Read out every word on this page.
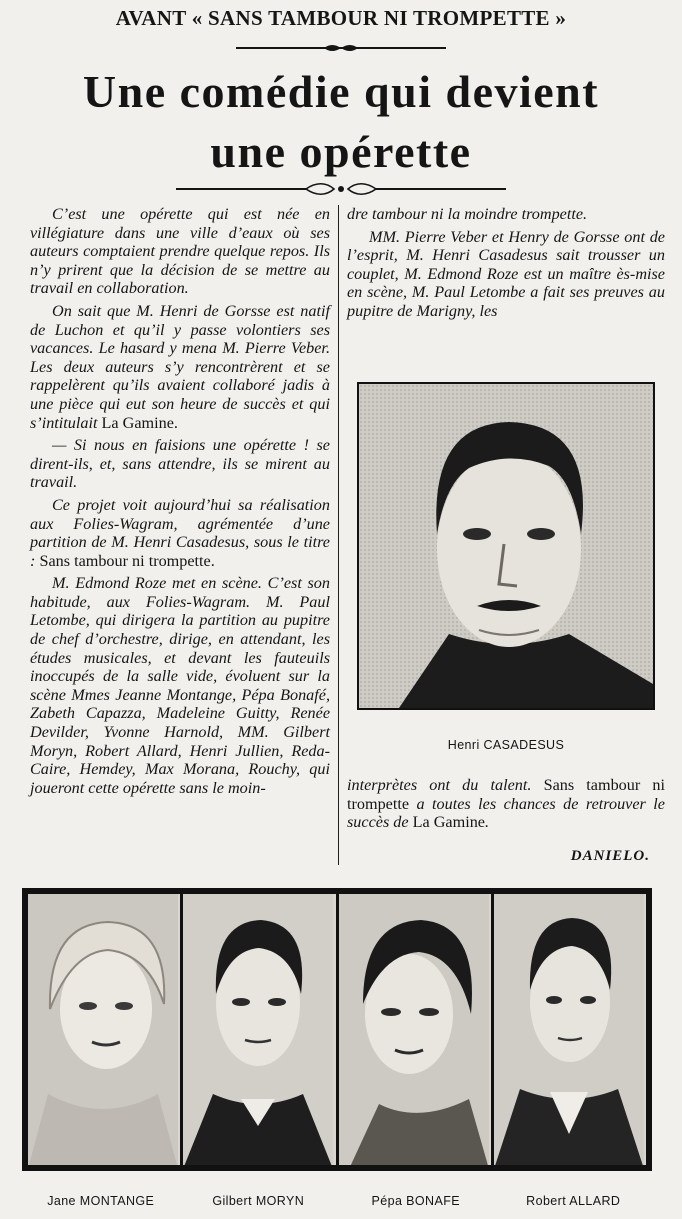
AVANT « SANS TAMBOUR NI TROMPETTE »
Une comédie qui devient
une opérette

C’est une opérette qui est née en villégiature dans une ville d’eaux où ses auteurs comptaient prendre quelque repos. Ils n’y prirent que la décision de se mettre au travail en collaboration.

On sait que M. Henri de Gorsse est natif de Luchon et qu’il y passe volontiers ses vacances. Le hasard y mena M. Pierre Veber. Les deux auteurs s’y rencontrèrent et se rappelèrent qu’ils avaient collaboré jadis à une pièce qui eut son heure de succès et qui s’intitulait La Gamine.

— Si nous en faisions une opérette ! se dirent-ils, et, sans attendre, ils se mirent au travail.

Ce projet voit aujourd’hui sa réalisation aux Folies-Wagram, agrémentée d’une partition de M. Henri Casadesus, sous le titre : Sans tambour ni trompette.

M. Edmond Roze met en scène. C’est son habitude, aux Folies-Wagram. M. Paul Letombe, qui dirigera la partition au pupitre de chef d’orchestre, dirige, en attendant, les études musicales, et devant les fauteuils inoccupés de la salle vide, évoluent sur la scène Mmes Jeanne Montange, Pépa Bonafé, Zabeth Capazza, Madeleine Guitty, Renée Devilder, Yvonne Harnold, MM. Gilbert Moryn, Robert Allard, Henri Jullien, Reda-Caire, Hemdey, Max Morana, Rouchy, qui joueront cette opérette sans le moin-

dre tambour ni la moindre trompette.

MM. Pierre Veber et Henry de Gorsse ont de l’esprit, M. Henri Casadesus sait trousser un couplet, M. Edmond Roze est un maître ès-mise en scène, M. Paul Letombe a fait ses preuves au pupitre de Marigny, les

Henri CASADESUS

interprètes ont du talent. Sans tambour ni trompette a toutes les chances de retrouver le succès de La Gamine.

DANIELO.
Jane MONTANGE	Gilbert MORYN	Pépa BONAFE	Robert ALLARD
